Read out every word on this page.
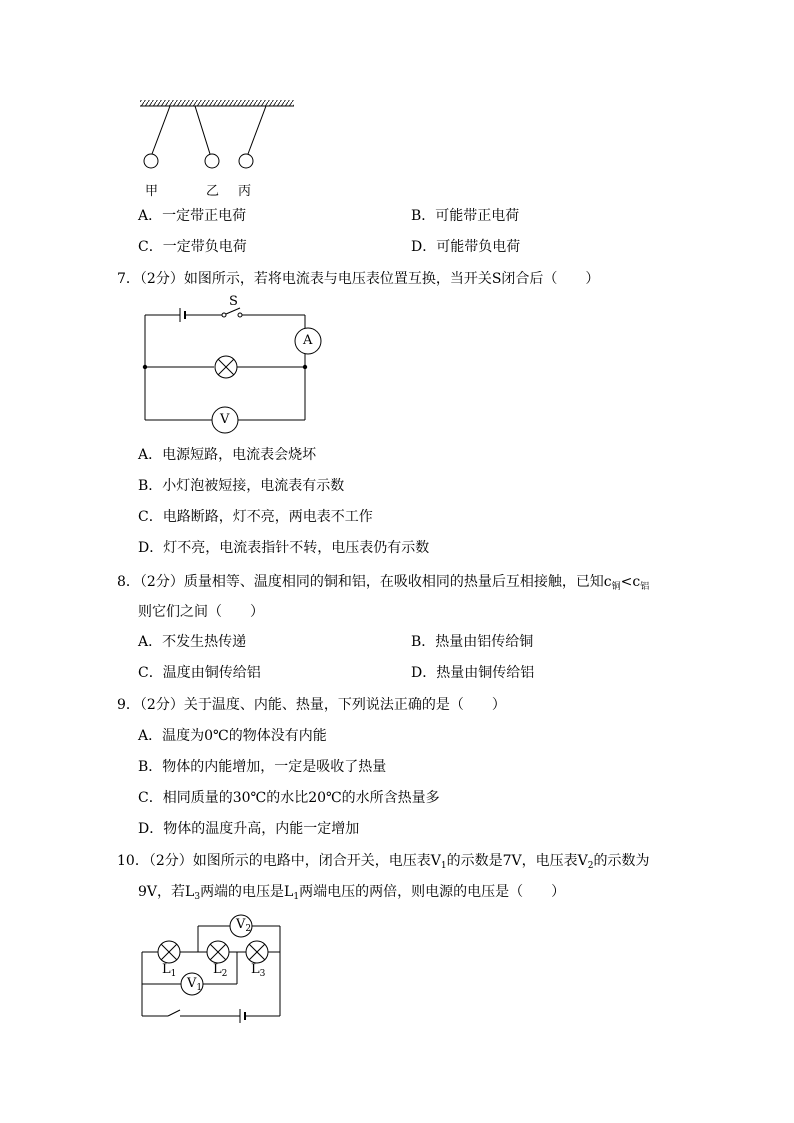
甲	乙 丙
A．一定带正电荷	B．可能带正电荷
C．一定带负电荷	D．可能带负电荷
7．（2分）如图所示，若将电流表与电压表位置互换，当开关S闭合后（　　）
S
A
V
A．电源短路，电流表会烧坏
B．小灯泡被短接，电流表有示数
C．电路断路，灯不亮，两电表不工作
D．灯不亮，电流表指针不转，电压表仍有示数
8．（2分）质量相等、温度相同的铜和铝，在吸收相同的热量后互相接触，已知$c_铜<c_铝$
则它们之间（　　）
A．不发生热传递	B．热量由铝传给铜
C．温度由铜传给铝	D．热量由铜传给铝
9．（2分）关于温度、内能、热量，下列说法正确的是（　　）
A．温度为0℃的物体没有内能
B．物体的内能增加，一定是吸收了热量
C．相同质量的30℃的水比20℃的水所含热量多
D．物体的温度升高，内能一定增加
10．（2分）如图所示的电路中，闭合开关，电压表$V_1$的示数是7V，电压表$V_2$的示数为
9V，若$L_3$两端的电压是$L_1$两端电压的两倍，则电源的电压是（　　）
$V_2$
$V_1$
$L_1$	$L_2$ $L_3$
